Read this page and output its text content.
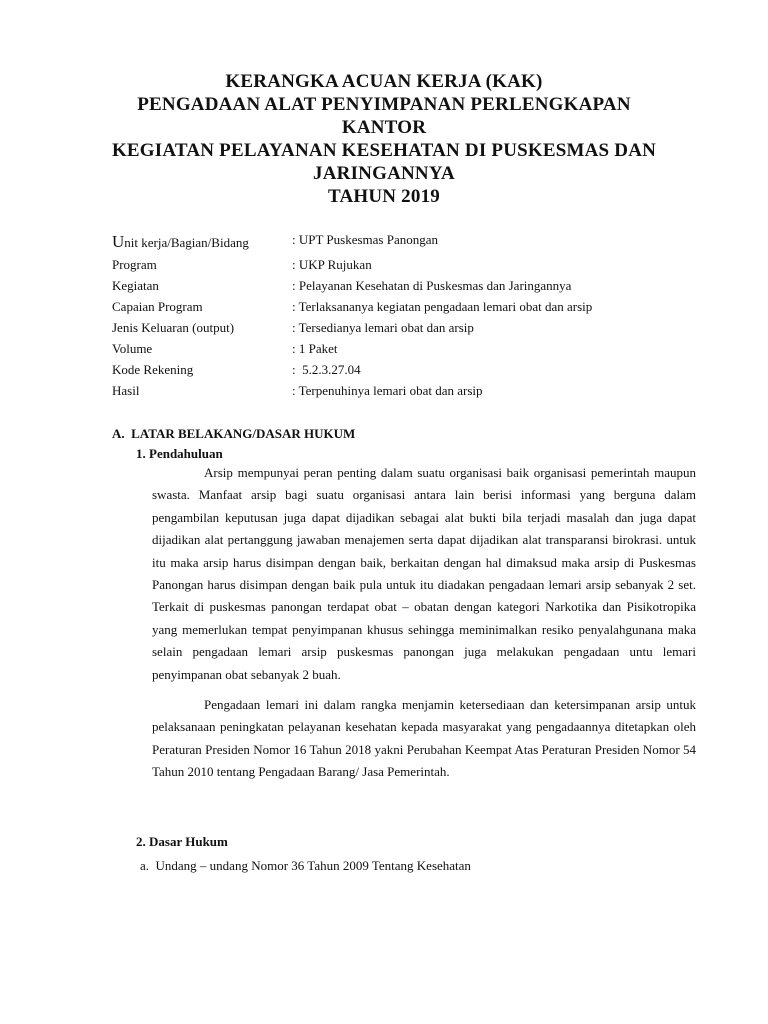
KERANGKA ACUAN KERJA (KAK)
PENGADAAN ALAT PENYIMPANAN PERLENGKAPAN
KANTOR
KEGIATAN PELAYANAN KESEHATAN DI PUSKESMAS DAN
JARINGANNYA
TAHUN 2019
Unit kerja/Bagian/Bidang	: UPT Puskesmas Panongan
Program	: UKP Rujukan
Kegiatan	: Pelayanan Kesehatan di Puskesmas dan Jaringannya
Capaian Program	: Terlaksananya kegiatan pengadaan lemari obat dan arsip
Jenis Keluaran (output)	: Tersedianya lemari obat dan arsip
Volume	: 1 Paket
Kode Rekening	:  5.2.3.27.04
Hasil	: Terpenuhinya lemari obat dan arsip
A.  LATAR BELAKANG/DASAR HUKUM
1. Pendahuluan

Arsip mempunyai peran penting dalam suatu organisasi baik organisasi pemerintah maupun swasta. Manfaat arsip bagi suatu organisasi antara lain berisi informasi yang berguna dalam pengambilan keputusan juga dapat dijadikan sebagai alat bukti bila terjadi masalah dan juga dapat dijadikan alat pertanggung jawaban menajemen serta dapat dijadikan alat transparansi birokrasi. untuk itu maka arsip harus disimpan dengan baik, berkaitan dengan hal dimaksud maka arsip di Puskesmas Panongan harus disimpan dengan baik pula untuk itu diadakan pengadaan lemari arsip sebanyak 2 set. Terkait di puskesmas panongan terdapat obat – obatan dengan kategori Narkotika dan Pisikotropika yang memerlukan tempat penyimpanan khusus sehingga meminimalkan resiko penyalahgunana maka selain pengadaan lemari arsip puskesmas panongan juga melakukan pengadaan untu lemari penyimpanan obat sebanyak 2 buah.

Pengadaan lemari ini dalam rangka menjamin ketersediaan dan ketersimpanan arsip untuk pelaksanaan peningkatan pelayanan kesehatan kepada masyarakat yang pengadaannya ditetapkan oleh Peraturan Presiden Nomor 16 Tahun 2018 yakni Perubahan Keempat Atas Peraturan Presiden Nomor 54 Tahun 2010 tentang Pengadaan Barang/ Jasa Pemerintah.

2. Dasar Hukum
a.  Undang – undang Nomor 36 Tahun 2009 Tentang Kesehatan
